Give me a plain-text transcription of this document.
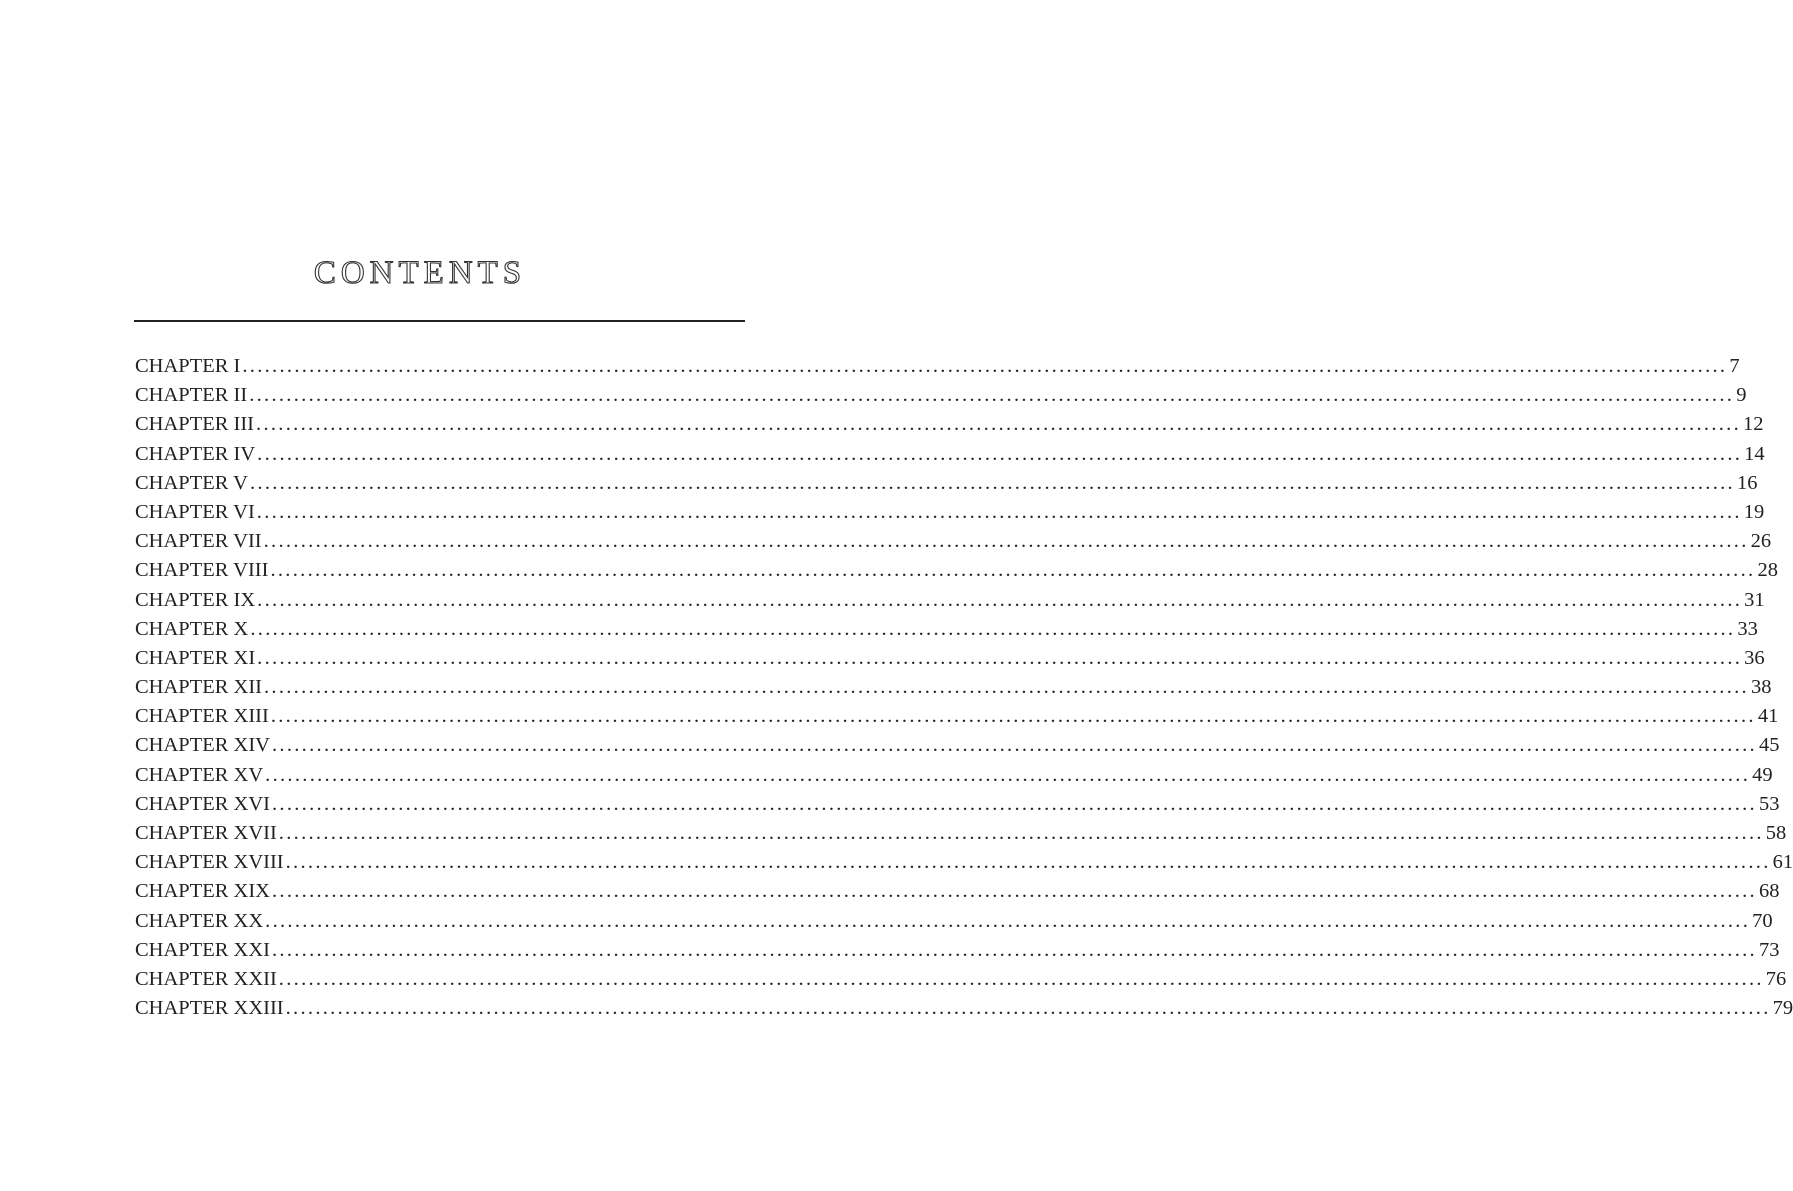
CONTENTS
CHAPTER I ........................................................................................................................................................................................................ 7
CHAPTER II ........................................................................................................................................................................................................ 9
CHAPTER III ........................................................................................................................................................................................................ 12
CHAPTER IV ........................................................................................................................................................................................................ 14
CHAPTER V ........................................................................................................................................................................................................ 16
CHAPTER VI ........................................................................................................................................................................................................ 19
CHAPTER VII ........................................................................................................................................................................................................ 26
CHAPTER VIII ........................................................................................................................................................................................................ 28
CHAPTER IX ........................................................................................................................................................................................................ 31
CHAPTER X ........................................................................................................................................................................................................ 33
CHAPTER XI ........................................................................................................................................................................................................ 36
CHAPTER XII ........................................................................................................................................................................................................ 38
CHAPTER XIII ........................................................................................................................................................................................................ 41
CHAPTER XIV ........................................................................................................................................................................................................ 45
CHAPTER XV ........................................................................................................................................................................................................ 49
CHAPTER XVI ........................................................................................................................................................................................................ 53
CHAPTER XVII ........................................................................................................................................................................................................ 58
CHAPTER XVIII ........................................................................................................................................................................................................ 61
CHAPTER XIX ........................................................................................................................................................................................................ 68
CHAPTER XX ........................................................................................................................................................................................................ 70
CHAPTER XXI ........................................................................................................................................................................................................ 73
CHAPTER XXII ........................................................................................................................................................................................................ 76
CHAPTER XXIII ........................................................................................................................................................................................................ 79
